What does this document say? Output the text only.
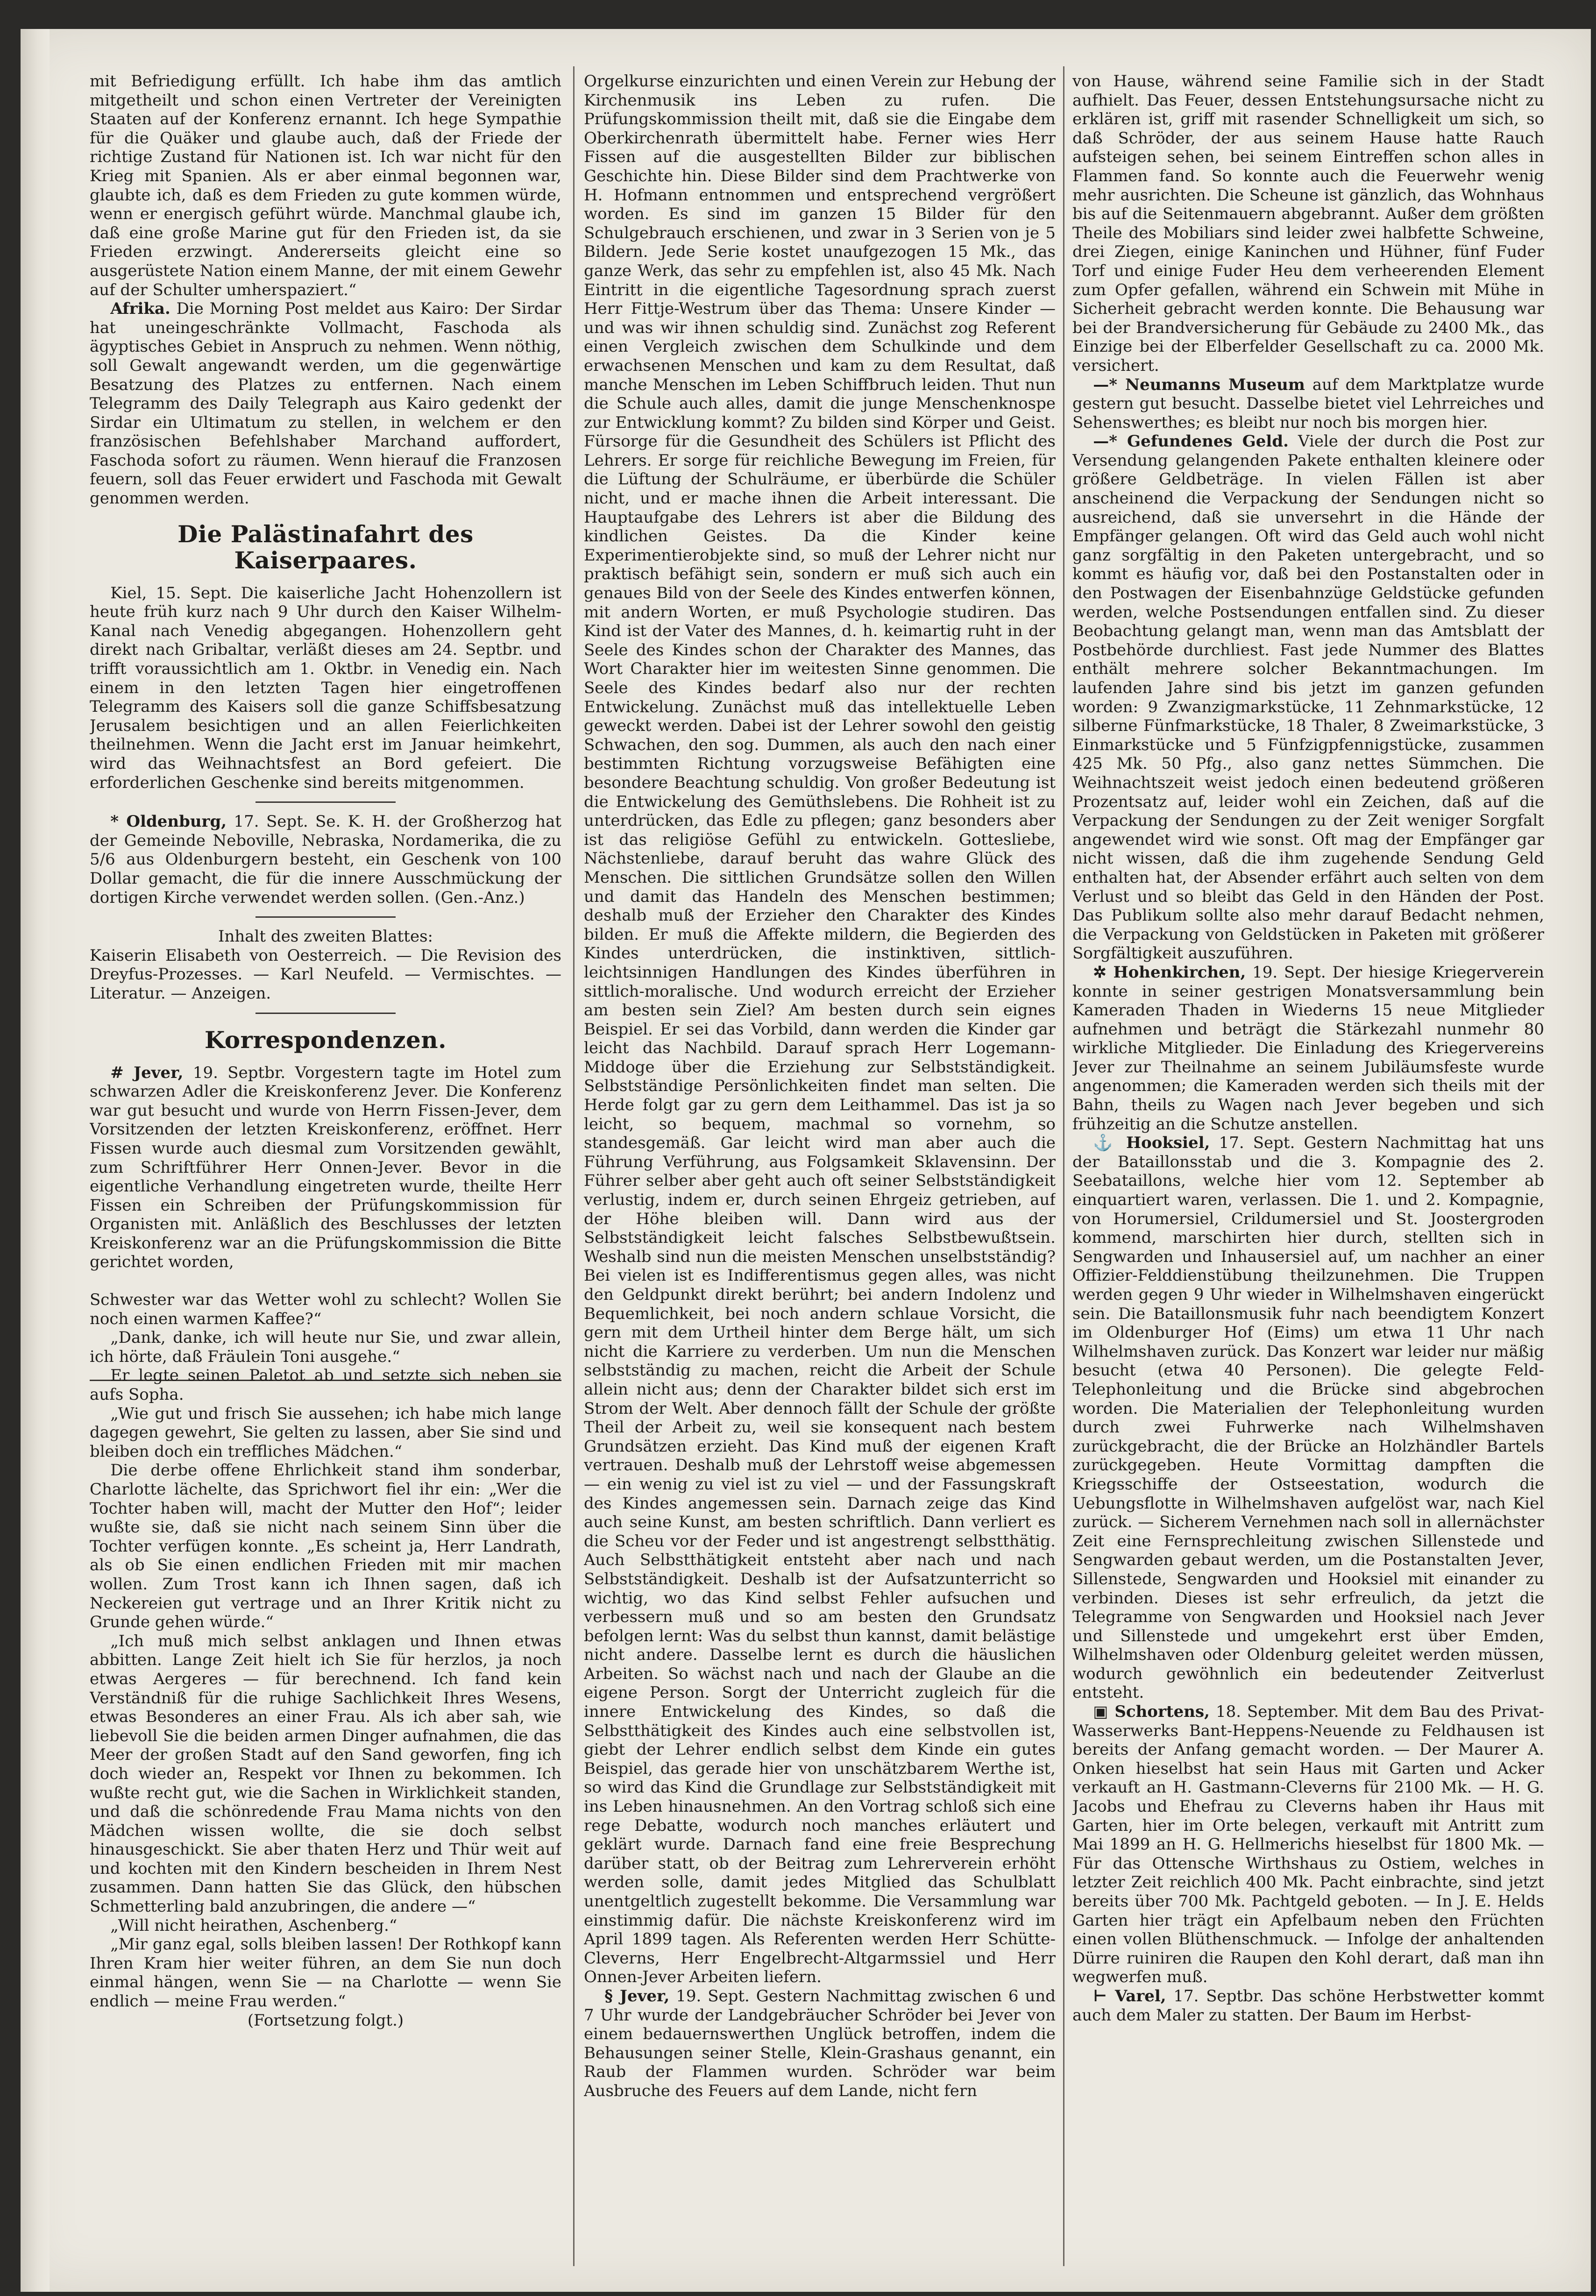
mit Befriedigung erfüllt. Ich habe ihm das amtlich mitgetheilt und schon einen Vertreter der Vereinigten Staaten auf der Konferenz ernannt. Ich hege Sympathie für die Quäker und glaube auch, daß der Friede der richtige Zustand für Nationen ist. Ich war nicht für den Krieg mit Spanien. Als er aber einmal begonnen war, glaubte ich, daß es dem Frieden zu gute kommen würde, wenn er energisch geführt würde. Manchmal glaube ich, daß eine große Marine gut für den Frieden ist, da sie Frieden erzwingt. Andererseits gleicht eine so ausgerüstete Nation einem Manne, der mit einem Gewehr auf der Schulter umherspaziert.“

Afrika. Die Morning Post meldet aus Kairo: Der Sirdar hat uneingeschränkte Vollmacht, Faschoda als ägyptisches Gebiet in Anspruch zu nehmen. Wenn nöthig, soll Gewalt angewandt werden, um die gegenwärtige Besatzung des Platzes zu entfernen. Nach einem Telegramm des Daily Telegraph aus Kairo gedenkt der Sirdar ein Ultimatum zu stellen, in welchem er den französischen Befehlshaber Marchand auffordert, Faschoda sofort zu räumen. Wenn hierauf die Franzosen feuern, soll das Feuer erwidert und Faschoda mit Gewalt genommen werden.

Die Palästinafahrt des Kaiserpaares.

Kiel, 15. Sept. Die kaiserliche Jacht Hohenzollern ist heute früh kurz nach 9 Uhr durch den Kaiser Wilhelm-Kanal nach Venedig abgegangen. Hohenzollern geht direkt nach Gribaltar, verläßt dieses am 24. Septbr. und trifft voraussichtlich am 1. Oktbr. in Venedig ein. Nach einem in den letzten Tagen hier eingetroffenen Telegramm des Kaisers soll die ganze Schiffsbesatzung Jerusalem besichtigen und an allen Feierlichkeiten theilnehmen. Wenn die Jacht erst im Januar heimkehrt, wird das Weihnachtsfest an Bord gefeiert. Die erforderlichen Geschenke sind bereits mitgenommen.

* Oldenburg, 17. Sept. Se. K. H. der Großherzog hat der Gemeinde Neboville, Nebraska, Nordamerika, die zu 5/6 aus Oldenburgern besteht, ein Geschenk von 100 Dollar gemacht, die für die innere Ausschmückung der dortigen Kirche verwendet werden sollen. (Gen.-Anz.)

Inhalt des zweiten Blattes:

Kaiserin Elisabeth von Oesterreich. — Die Revision des Dreyfus-Prozesses. — Karl Neufeld. — Vermischtes. — Literatur. — Anzeigen.

Korrespondenzen.

# Jever, 19. Septbr. Vorgestern tagte im Hotel zum schwarzen Adler die Kreiskonferenz Jever. Die Konferenz war gut besucht und wurde von Herrn Fissen-Jever, dem Vorsitzenden der letzten Kreiskonferenz, eröffnet. Herr Fissen wurde auch diesmal zum Vorsitzenden gewählt, zum Schriftführer Herr Onnen-Jever. Bevor in die eigentliche Verhandlung eingetreten wurde, theilte Herr Fissen ein Schreiben der Prüfungskommission für Organisten mit. Anläßlich des Beschlusses der letzten Kreiskonferenz war an die Prüfungskommission die Bitte gerichtet worden,

Schwester war das Wetter wohl zu schlecht? Wollen Sie noch einen warmen Kaffee?“

„Dank, danke, ich will heute nur Sie, und zwar allein, ich hörte, daß Fräulein Toni ausgehe.“

Er legte seinen Paletot ab und setzte sich neben sie aufs Sopha.

„Wie gut und frisch Sie aussehen; ich habe mich lange dagegen gewehrt, Sie gelten zu lassen, aber Sie sind und bleiben doch ein treffliches Mädchen.“

Die derbe offene Ehrlichkeit stand ihm sonderbar, Charlotte lächelte, das Sprichwort fiel ihr ein: „Wer die Tochter haben will, macht der Mutter den Hof“; leider wußte sie, daß sie nicht nach seinem Sinn über die Tochter verfügen konnte. „Es scheint ja, Herr Landrath, als ob Sie einen endlichen Frieden mit mir machen wollen. Zum Trost kann ich Ihnen sagen, daß ich Neckereien gut vertrage und an Ihrer Kritik nicht zu Grunde gehen würde.“

„Ich muß mich selbst anklagen und Ihnen etwas abbitten. Lange Zeit hielt ich Sie für herzlos, ja noch etwas Aergeres — für berechnend. Ich fand kein Verständniß für die ruhige Sachlichkeit Ihres Wesens, etwas Besonderes an einer Frau. Als ich aber sah, wie liebevoll Sie die beiden armen Dinger aufnahmen, die das Meer der großen Stadt auf den Sand geworfen, fing ich doch wieder an, Respekt vor Ihnen zu bekommen. Ich wußte recht gut, wie die Sachen in Wirklichkeit standen, und daß die schönredende Frau Mama nichts von den Mädchen wissen wollte, die sie doch selbst hinausgeschickt. Sie aber thaten Herz und Thür weit auf und kochten mit den Kindern bescheiden in Ihrem Nest zusammen. Dann hatten Sie das Glück, den hübschen Schmetterling bald anzubringen, die andere —“

„Will nicht heirathen, Aschenberg.“

„Mir ganz egal, solls bleiben lassen! Der Rothkopf kann Ihren Kram hier weiter führen, an dem Sie nun doch einmal hängen, wenn Sie — na Charlotte — wenn Sie endlich — meine Frau werden.“

(Fortsetzung folgt.)

Orgelkurse einzurichten und einen Verein zur Hebung der Kirchenmusik ins Leben zu rufen. Die Prüfungskommission theilt mit, daß sie die Eingabe dem Oberkirchenrath übermittelt habe. Ferner wies Herr Fissen auf die ausgestellten Bilder zur biblischen Geschichte hin. Diese Bilder sind dem Prachtwerke von H. Hofmann entnommen und entsprechend vergrößert worden. Es sind im ganzen 15 Bilder für den Schulgebrauch erschienen, und zwar in 3 Serien von je 5 Bildern. Jede Serie kostet unaufgezogen 15 Mk., das ganze Werk, das sehr zu empfehlen ist, also 45 Mk. Nach Eintritt in die eigentliche Tagesordnung sprach zuerst Herr Fittje-Westrum über das Thema: Unsere Kinder — und was wir ihnen schuldig sind. Zunächst zog Referent einen Vergleich zwischen dem Schulkinde und dem erwachsenen Menschen und kam zu dem Resultat, daß manche Menschen im Leben Schiffbruch leiden. Thut nun die Schule auch alles, damit die junge Menschenknospe zur Entwicklung kommt? Zu bilden sind Körper und Geist. Fürsorge für die Gesundheit des Schülers ist Pflicht des Lehrers. Er sorge für reichliche Bewegung im Freien, für die Lüftung der Schulräume, er überbürde die Schüler nicht, und er mache ihnen die Arbeit interessant. Die Hauptaufgabe des Lehrers ist aber die Bildung des kindlichen Geistes. Da die Kinder keine Experimentierobjekte sind, so muß der Lehrer nicht nur praktisch befähigt sein, sondern er muß sich auch ein genaues Bild von der Seele des Kindes entwerfen können, mit andern Worten, er muß Psychologie studiren. Das Kind ist der Vater des Mannes, d. h. keimartig ruht in der Seele des Kindes schon der Charakter des Mannes, das Wort Charakter hier im weitesten Sinne genommen. Die Seele des Kindes bedarf also nur der rechten Entwickelung. Zunächst muß das intellektuelle Leben geweckt werden. Dabei ist der Lehrer sowohl den geistig Schwachen, den sog. Dummen, als auch den nach einer bestimmten Richtung vorzugsweise Befähigten eine besondere Beachtung schuldig. Von großer Bedeutung ist die Entwickelung des Gemüthslebens. Die Rohheit ist zu unterdrücken, das Edle zu pflegen; ganz besonders aber ist das religiöse Gefühl zu entwickeln. Gottesliebe, Nächstenliebe, darauf beruht das wahre Glück des Menschen. Die sittlichen Grundsätze sollen den Willen und damit das Handeln des Menschen bestimmen; deshalb muß der Erzieher den Charakter des Kindes bilden. Er muß die Affekte mildern, die Begierden des Kindes unterdrücken, die instinktiven, sittlich-leichtsinnigen Handlungen des Kindes überführen in sittlich-moralische. Und wodurch erreicht der Erzieher am besten sein Ziel? Am besten durch sein eignes Beispiel. Er sei das Vorbild, dann werden die Kinder gar leicht das Nachbild. Darauf sprach Herr Logemann-Middoge über die Erziehung zur Selbstständigkeit. Selbstständige Persönlichkeiten findet man selten. Die Herde folgt gar zu gern dem Leithammel. Das ist ja so leicht, so bequem, machmal so vornehm, so standesgemäß. Gar leicht wird man aber auch die Führung Verführung, aus Folgsamkeit Sklavensinn. Der Führer selber aber geht auch oft seiner Selbstständigkeit verlustig, indem er, durch seinen Ehrgeiz getrieben, auf der Höhe bleiben will. Dann wird aus der Selbstständigkeit leicht falsches Selbstbewußtsein. Weshalb sind nun die meisten Menschen unselbstständig? Bei vielen ist es Indifferentismus gegen alles, was nicht den Geldpunkt direkt berührt; bei andern Indolenz und Bequemlichkeit, bei noch andern schlaue Vorsicht, die gern mit dem Urtheil hinter dem Berge hält, um sich nicht die Karriere zu verderben. Um nun die Menschen selbstständig zu machen, reicht die Arbeit der Schule allein nicht aus; denn der Charakter bildet sich erst im Strom der Welt. Aber dennoch fällt der Schule der größte Theil der Arbeit zu, weil sie konsequent nach bestem Grundsätzen erzieht. Das Kind muß der eigenen Kraft vertrauen. Deshalb muß der Lehrstoff weise abgemessen — ein wenig zu viel ist zu viel — und der Fassungskraft des Kindes angemessen sein. Darnach zeige das Kind auch seine Kunst, am besten schriftlich. Dann verliert es die Scheu vor der Feder und ist angestrengt selbstthätig. Auch Selbstthätigkeit entsteht aber nach und nach Selbstständigkeit. Deshalb ist der Aufsatzunterricht so wichtig, wo das Kind selbst Fehler aufsuchen und verbessern muß und so am besten den Grundsatz befolgen lernt: Was du selbst thun kannst, damit belästige nicht andere. Dasselbe lernt es durch die häuslichen Arbeiten. So wächst nach und nach der Glaube an die eigene Person. Sorgt der Unterricht zugleich für die innere Entwickelung des Kindes, so daß die Selbstthätigkeit des Kindes auch eine selbstvollen ist, giebt der Lehrer endlich selbst dem Kinde ein gutes Beispiel, das gerade hier von unschätzbarem Werthe ist, so wird das Kind die Grundlage zur Selbstständigkeit mit ins Leben hinausnehmen. An den Vortrag schloß sich eine rege Debatte, wodurch noch manches erläutert und geklärt wurde. Darnach fand eine freie Besprechung darüber statt, ob der Beitrag zum Lehrerverein erhöht werden solle, damit jedes Mitglied das Schulblatt unentgeltlich zugestellt bekomme. Die Versammlung war einstimmig dafür. Die nächste Kreiskonferenz wird im April 1899 tagen. Als Referenten werden Herr Schütte-Cleverns, Herr Engelbrecht-Altgarmssiel und Herr Onnen-Jever Arbeiten liefern.

§ Jever, 19. Sept. Gestern Nachmittag zwischen 6 und 7 Uhr wurde der Landgebräucher Schröder bei Jever von einem bedauernswerthen Unglück betroffen, indem die Behausungen seiner Stelle, Klein-Grashaus genannt, ein Raub der Flammen wurden. Schröder war beim Ausbruche des Feuers auf dem Lande, nicht fern

von Hause, während seine Familie sich in der Stadt aufhielt. Das Feuer, dessen Entstehungsursache nicht zu erklären ist, griff mit rasender Schnelligkeit um sich, so daß Schröder, der aus seinem Hause hatte Rauch aufsteigen sehen, bei seinem Eintreffen schon alles in Flammen fand. So konnte auch die Feuerwehr wenig mehr ausrichten. Die Scheune ist gänzlich, das Wohnhaus bis auf die Seitenmauern abgebrannt. Außer dem größten Theile des Mobiliars sind leider zwei halbfette Schweine, drei Ziegen, einige Kaninchen und Hühner, fünf Fuder Torf und einige Fuder Heu dem verheerenden Element zum Opfer gefallen, während ein Schwein mit Mühe in Sicherheit gebracht werden konnte. Die Behausung war bei der Brandversicherung für Gebäude zu 2400 Mk., das Einzige bei der Elberfelder Gesellschaft zu ca. 2000 Mk. versichert.

—* Neumanns Museum auf dem Marktplatze wurde gestern gut besucht. Dasselbe bietet viel Lehrreiches und Sehenswerthes; es bleibt nur noch bis morgen hier.

—* Gefundenes Geld. Viele der durch die Post zur Versendung gelangenden Pakete enthalten kleinere oder größere Geldbeträge. In vielen Fällen ist aber anscheinend die Verpackung der Sendungen nicht so ausreichend, daß sie unversehrt in die Hände der Empfänger gelangen. Oft wird das Geld auch wohl nicht ganz sorgfältig in den Paketen untergebracht, und so kommt es häufig vor, daß bei den Postanstalten oder in den Postwagen der Eisenbahnzüge Geldstücke gefunden werden, welche Postsendungen entfallen sind. Zu dieser Beobachtung gelangt man, wenn man das Amtsblatt der Postbehörde durchliest. Fast jede Nummer des Blattes enthält mehrere solcher Bekanntmachungen. Im laufenden Jahre sind bis jetzt im ganzen gefunden worden: 9 Zwanzigmarkstücke, 11 Zehnmarkstücke, 12 silberne Fünfmarkstücke, 18 Thaler, 8 Zweimarkstücke, 3 Einmarkstücke und 5 Fünfzigpfennigstücke, zusammen 425 Mk. 50 Pfg., also ganz nettes Sümmchen. Die Weihnachtszeit weist jedoch einen bedeutend größeren Prozentsatz auf, leider wohl ein Zeichen, daß auf die Verpackung der Sendungen zu der Zeit weniger Sorgfalt angewendet wird wie sonst. Oft mag der Empfänger gar nicht wissen, daß die ihm zugehende Sendung Geld enthalten hat, der Absender erfährt auch selten von dem Verlust und so bleibt das Geld in den Händen der Post. Das Publikum sollte also mehr darauf Bedacht nehmen, die Verpackung von Geldstücken in Paketen mit größerer Sorgfältigkeit auszuführen.

✲ Hohenkirchen, 19. Sept. Der hiesige Kriegerverein konnte in seiner gestrigen Monatsversammlung bein Kameraden Thaden in Wiederns 15 neue Mitglieder aufnehmen und beträgt die Stärkezahl nunmehr 80 wirkliche Mitglieder. Die Einladung des Kriegervereins Jever zur Theilnahme an seinem Jubiläumsfeste wurde angenommen; die Kameraden werden sich theils mit der Bahn, theils zu Wagen nach Jever begeben und sich frühzeitig an die Schutze anstellen.

⚓ Hooksiel, 17. Sept. Gestern Nachmittag hat uns der Bataillonsstab und die 3. Kompagnie des 2. Seebataillons, welche hier vom 12. September ab einquartiert waren, verlassen. Die 1. und 2. Kompagnie, von Horumersiel, Crildumersiel und St. Joostergroden kommend, marschirten hier durch, stellten sich in Sengwarden und Inhausersiel auf, um nachher an einer Offizier-Felddienstübung theilzunehmen. Die Truppen werden gegen 9 Uhr wieder in Wilhelmshaven eingerückt sein. Die Bataillonsmusik fuhr nach beendigtem Konzert im Oldenburger Hof (Eims) um etwa 11 Uhr nach Wilhelmshaven zurück. Das Konzert war leider nur mäßig besucht (etwa 40 Personen). Die gelegte Feld-Telephonleitung und die Brücke sind abgebrochen worden. Die Materialien der Telephonleitung wurden durch zwei Fuhrwerke nach Wilhelmshaven zurückgebracht, die der Brücke an Holzhändler Bartels zurückgegeben. Heute Vormittag dampften die Kriegsschiffe der Ostseestation, wodurch die Uebungsflotte in Wilhelmshaven aufgelöst war, nach Kiel zurück. — Sicherem Vernehmen nach soll in allernächster Zeit eine Fernsprechleitung zwischen Sillenstede und Sengwarden gebaut werden, um die Postanstalten Jever, Sillenstede, Sengwarden und Hooksiel mit einander zu verbinden. Dieses ist sehr erfreulich, da jetzt die Telegramme von Sengwarden und Hooksiel nach Jever und Sillenstede und umgekehrt erst über Emden, Wilhelmshaven oder Oldenburg geleitet werden müssen, wodurch gewöhnlich ein bedeutender Zeitverlust entsteht.

▣ Schortens, 18. September. Mit dem Bau des Privat-Wasserwerks Bant-Heppens-Neuende zu Feldhausen ist bereits der Anfang gemacht worden. — Der Maurer A. Onken hieselbst hat sein Haus mit Garten und Acker verkauft an H. Gastmann-Cleverns für 2100 Mk. — H. G. Jacobs und Ehefrau zu Cleverns haben ihr Haus mit Garten, hier im Orte belegen, verkauft mit Antritt zum Mai 1899 an H. G. Hellmerichs hieselbst für 1800 Mk. — Für das Ottensche Wirthshaus zu Ostiem, welches in letzter Zeit reichlich 400 Mk. Pacht einbrachte, sind jetzt bereits über 700 Mk. Pachtgeld geboten. — In J. E. Helds Garten hier trägt ein Apfelbaum neben den Früchten einen vollen Blüthenschmuck. — Infolge der anhaltenden Dürre ruiniren die Raupen den Kohl derart, daß man ihn wegwerfen muß.

⊢ Varel, 17. Septbr. Das schöne Herbstwetter kommt auch dem Maler zu statten. Der Baum im Herbst-
